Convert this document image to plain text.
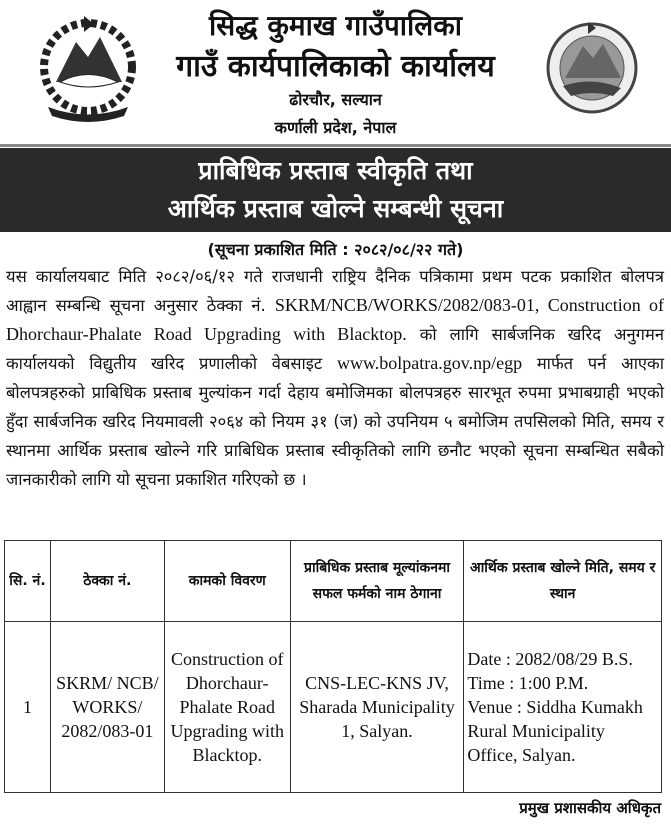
सिद्ध कुमाख गाउँपालिका
गाउँ कार्यपालिकाको कार्यालय
ढोरचौर, सल्यान
कर्णाली प्रदेश, नेपाल
प्राबिधिक प्रस्ताब स्वीकृति तथा
आर्थिक प्रस्ताब खोल्ने सम्बन्धी सूचना
(सूचना प्रकाशित मिति : २०८२/०८/२२ गते)
यस कार्यालयबाट मिति २०८२/०६/१२ गते राजधानी राष्ट्रिय दैनिक पत्रिकामा प्रथम पटक प्रकाशित बोलपत्र आह्वान सम्बन्धि सूचना अनुसार ठेक्का नं. SKRM/NCB/WORKS/2082/083-01, Construction of Dhorchaur-Phalate Road Upgrading with Blacktop. को लागि सार्बजनिक खरिद अनुगमन कार्यालयको विद्युतीय खरिद प्रणालीको वेबसाइट www.bolpatra.gov.np/egp मार्फत पर्न आएका बोलपत्रहरुको प्राबिधिक प्रस्ताब मुल्यांकन गर्दा देहाय बमोजिमका बोलपत्रहरु सारभूत रुपमा प्रभाबग्राही भएको हुँदा सार्बजनिक खरिद नियमावली २०६४ को नियम ३१ (ज) को उपनियम ५ बमोजिम तपसिलको मिति, समय र स्थानमा आर्थिक प्रस्ताब खोल्ने गरि प्राबिधिक प्रस्ताब स्वीकृतिको लागि छनौट भएको सूचना सम्बन्धित सबैको जानकारीको लागि यो सूचना प्रकाशित गरिएको छ ।
सि. नं.	ठेक्का नं.	कामको विवरण	प्राबिधिक प्रस्ताब मूल्यांकनमा सफल फर्मको नाम ठेगाना	आर्थिक प्रस्ताब खोल्ने मिति, समय र स्थान
1	SKRM/ NCB/ WORKS/ 2082/083-01	Construction of Dhorchaur-Phalate Road Upgrading with Blacktop.	CNS-LEC-KNS JV, Sharada Municipality 1, Salyan.	Date : 2082/08/29 B.S.
Time : 1:00 P.M.
Venue : Siddha Kumakh Rural Municipality Office, Salyan.
प्रमुख प्रशासकीय अधिकृत
